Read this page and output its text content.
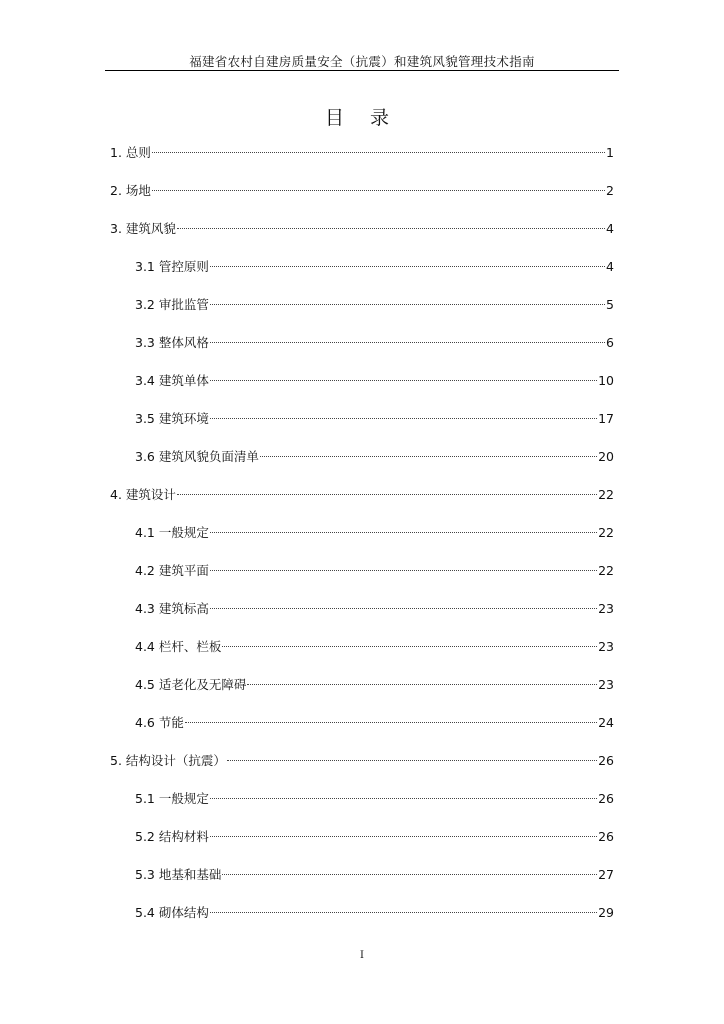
福建省农村自建房质量安全（抗震）和建筑风貌管理技术指南
目 录
1. 总则	1
2. 场地	2
3. 建筑风貌	4
3.1 管控原则	4
3.2 审批监管	5
3.3 整体风格	6
3.4 建筑单体	10
3.5 建筑环境	17
3.6 建筑风貌负面清单	20
4. 建筑设计	22
4.1 一般规定	22
4.2 建筑平面	22
4.3 建筑标高	23
4.4 栏杆、栏板	23
4.5 适老化及无障碍	23
4.6 节能	24
5. 结构设计（抗震）	26
5.1 一般规定	26
5.2 结构材料	26
5.3 地基和基础	27
5.4 砌体结构	29
I
